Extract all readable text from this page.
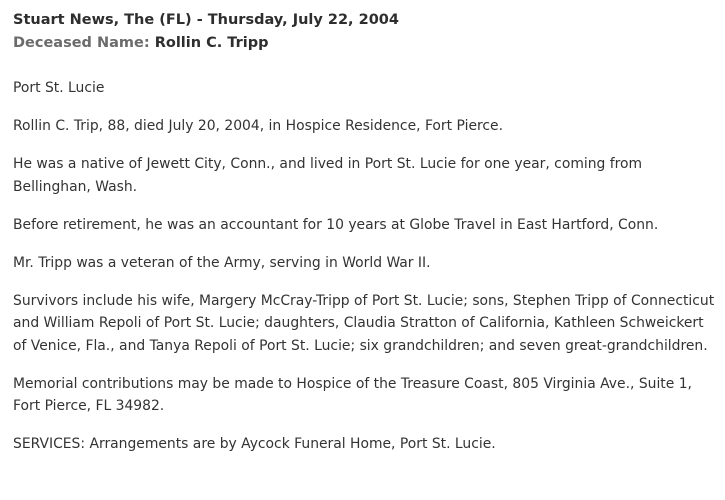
Stuart News, The (FL) - Thursday, July 22, 2004
Deceased Name: Rollin C. Tripp

Port St. Lucie

Rollin C. Trip, 88, died July 20, 2004, in Hospice Residence, Fort Pierce.

He was a native of Jewett City, Conn., and lived in Port St. Lucie for one year, coming from Bellinghan, Wash.

Before retirement, he was an accountant for 10 years at Globe Travel in East Hartford, Conn.

Mr. Tripp was a veteran of the Army, serving in World War II.

Survivors include his wife, Margery McCray-Tripp of Port St. Lucie; sons, Stephen Tripp of Connecticut and William Repoli of Port St. Lucie; daughters, Claudia Stratton of California, Kathleen Schweickert of Venice, Fla., and Tanya Repoli of Port St. Lucie; six grandchildren; and seven great-grandchildren.

Memorial contributions may be made to Hospice of the Treasure Coast, 805 Virginia Ave., Suite 1, Fort Pierce, FL 34982.

SERVICES: Arrangements are by Aycock Funeral Home, Port St. Lucie.
